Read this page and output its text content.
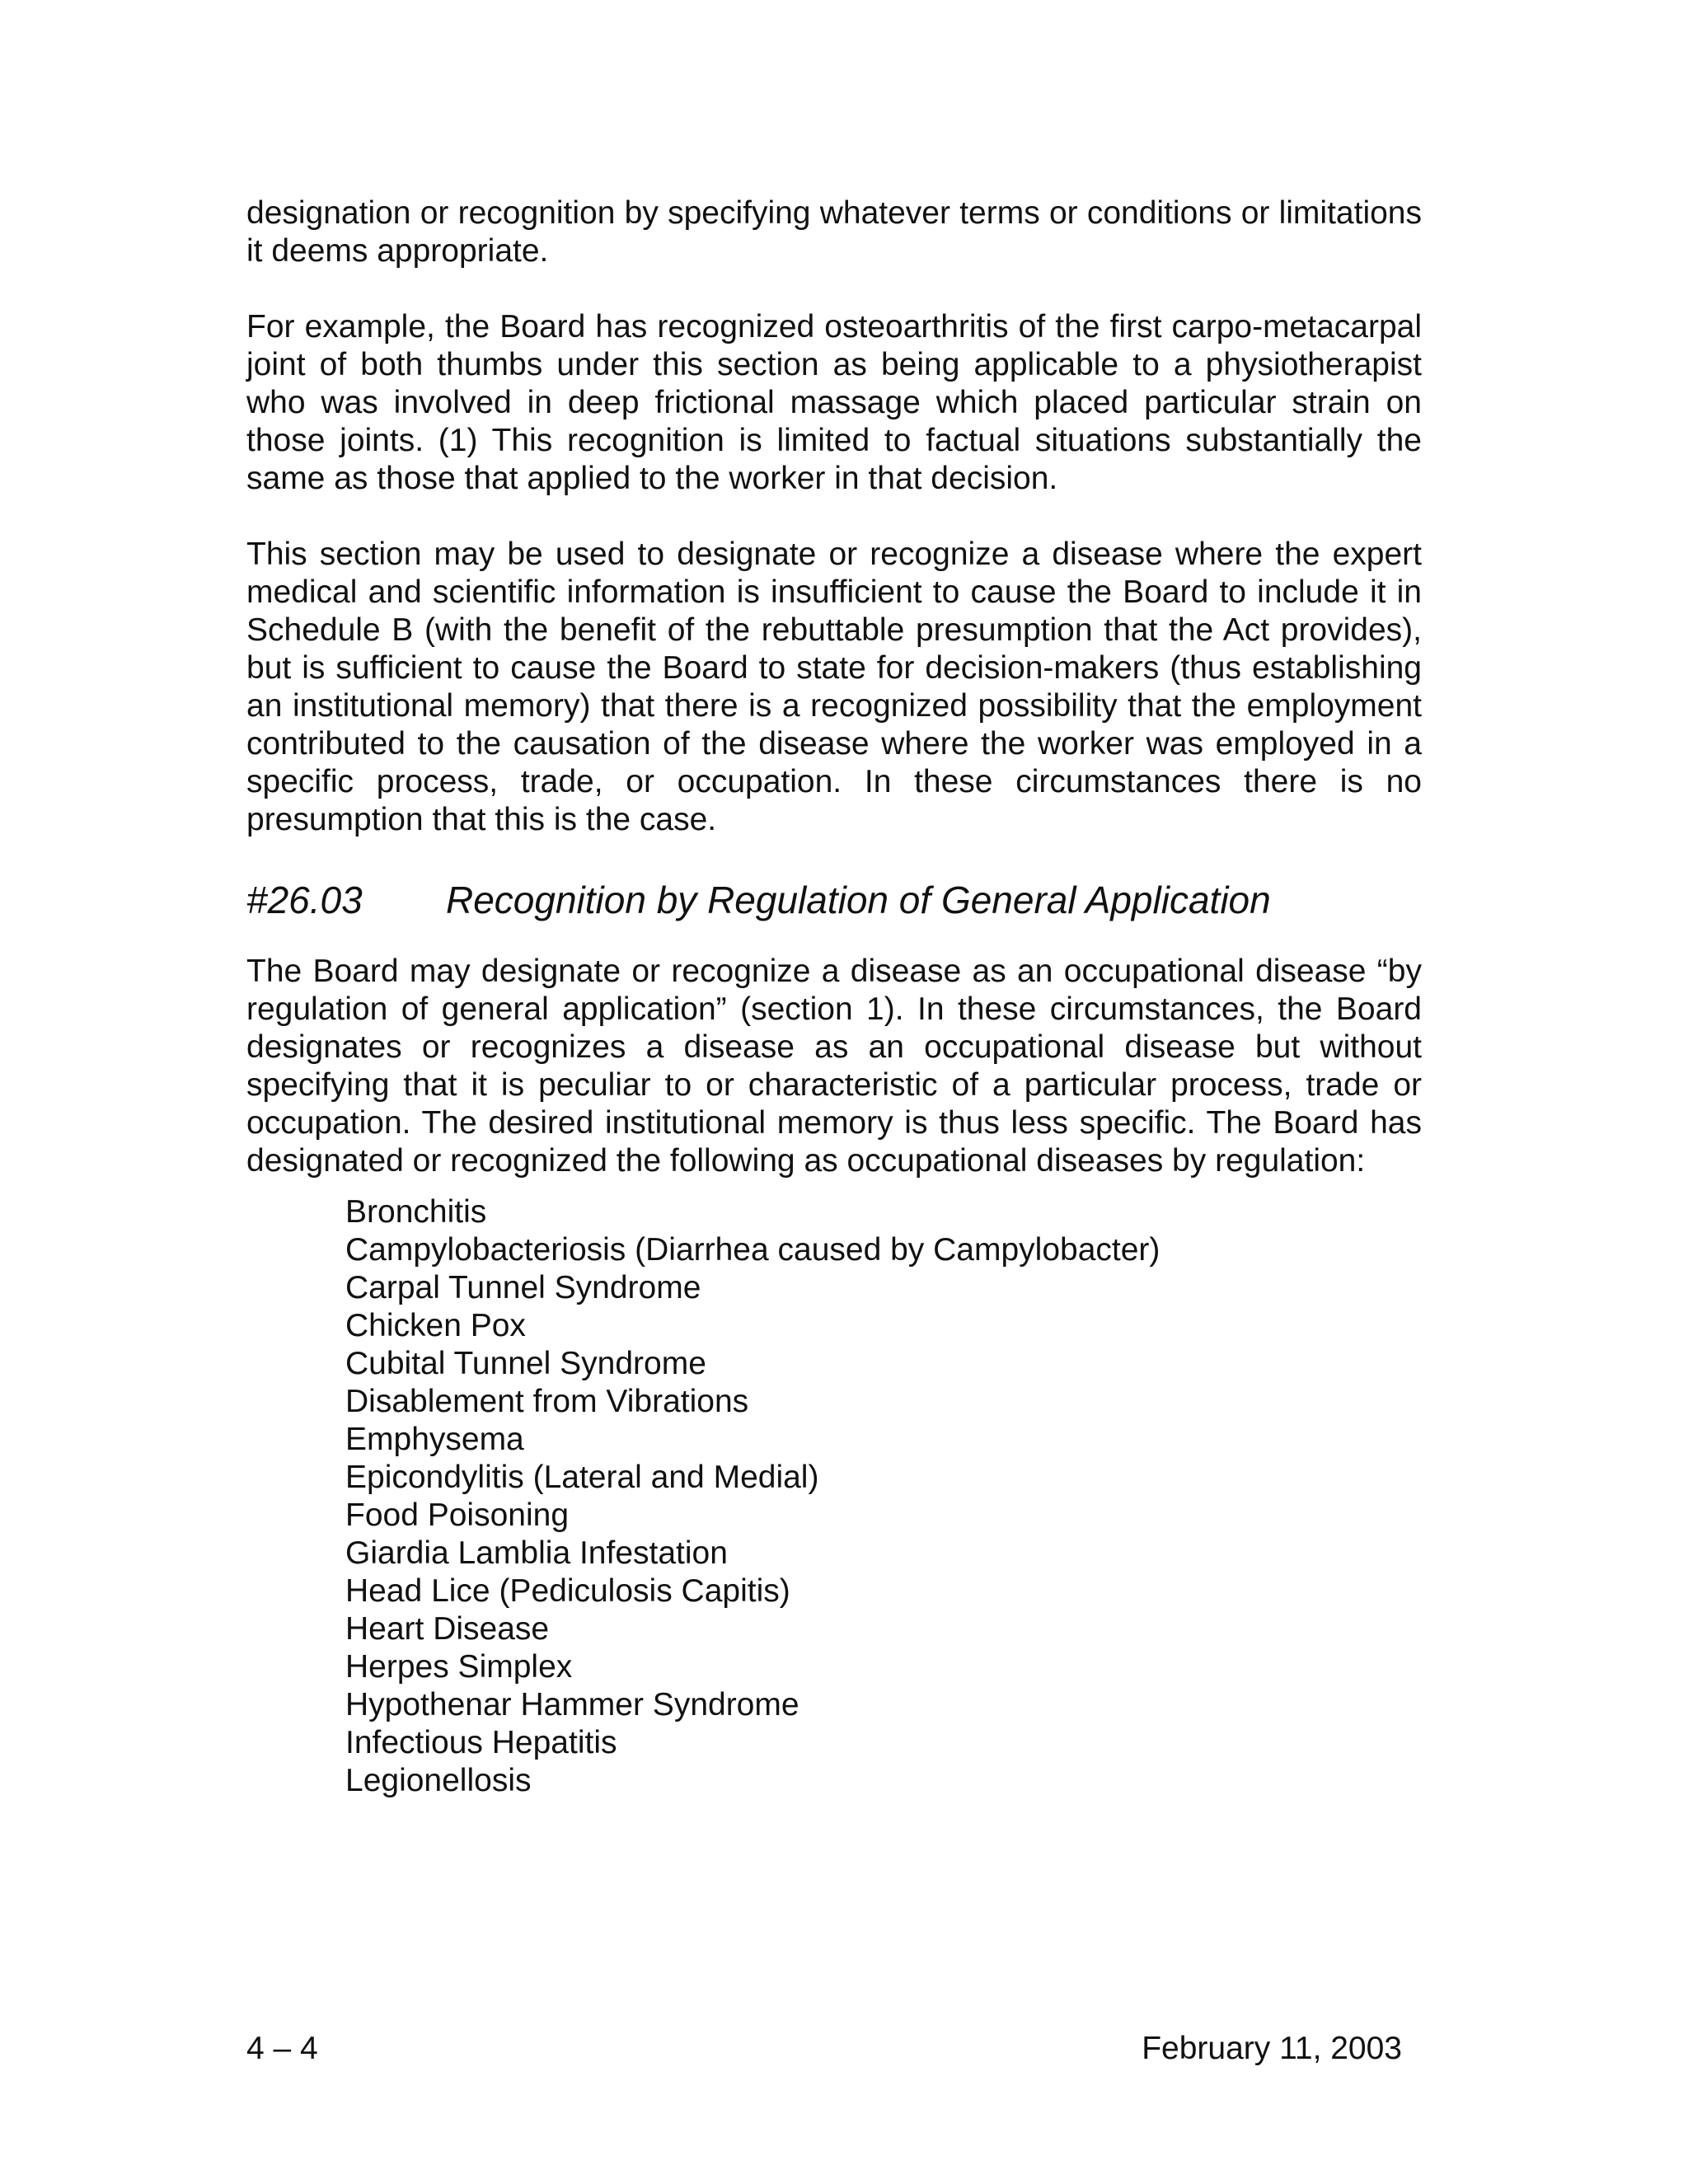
designation or recognition by specifying whatever terms or conditions or limitations it deems appropriate.

For example, the Board has recognized osteoarthritis of the first carpo-metacarpal joint of both thumbs under this section as being applicable to a physiotherapist who was involved in deep frictional massage which placed particular strain on those joints. (1) This recognition is limited to factual situations substantially the same as those that applied to the worker in that decision.

This section may be used to designate or recognize a disease where the expert medical and scientific information is insufficient to cause the Board to include it in Schedule B (with the benefit of the rebuttable presumption that the Act provides), but is sufficient to cause the Board to state for decision-makers (thus establishing an institutional memory) that there is a recognized possibility that the employment contributed to the causation of the disease where the worker was employed in a specific process, trade, or occupation. In these circumstances there is no presumption that this is the case.

#26.03	Recognition by Regulation of General Application

The Board may designate or recognize a disease as an occupational disease “by regulation of general application” (section 1). In these circumstances, the Board designates or recognizes a disease as an occupational disease but without specifying that it is peculiar to or characteristic of a particular process, trade or occupation. The desired institutional memory is thus less specific. The Board has designated or recognized the following as occupational diseases by regulation:

Bronchitis
Campylobacteriosis (Diarrhea caused by Campylobacter)
Carpal Tunnel Syndrome
Chicken Pox
Cubital Tunnel Syndrome
Disablement from Vibrations
Emphysema
Epicondylitis (Lateral and Medial)
Food Poisoning
Giardia Lamblia Infestation
Head Lice (Pediculosis Capitis)
Heart Disease
Herpes Simplex
Hypothenar Hammer Syndrome
Infectious Hepatitis
Legionellosis
4 – 4	February 11, 2003
